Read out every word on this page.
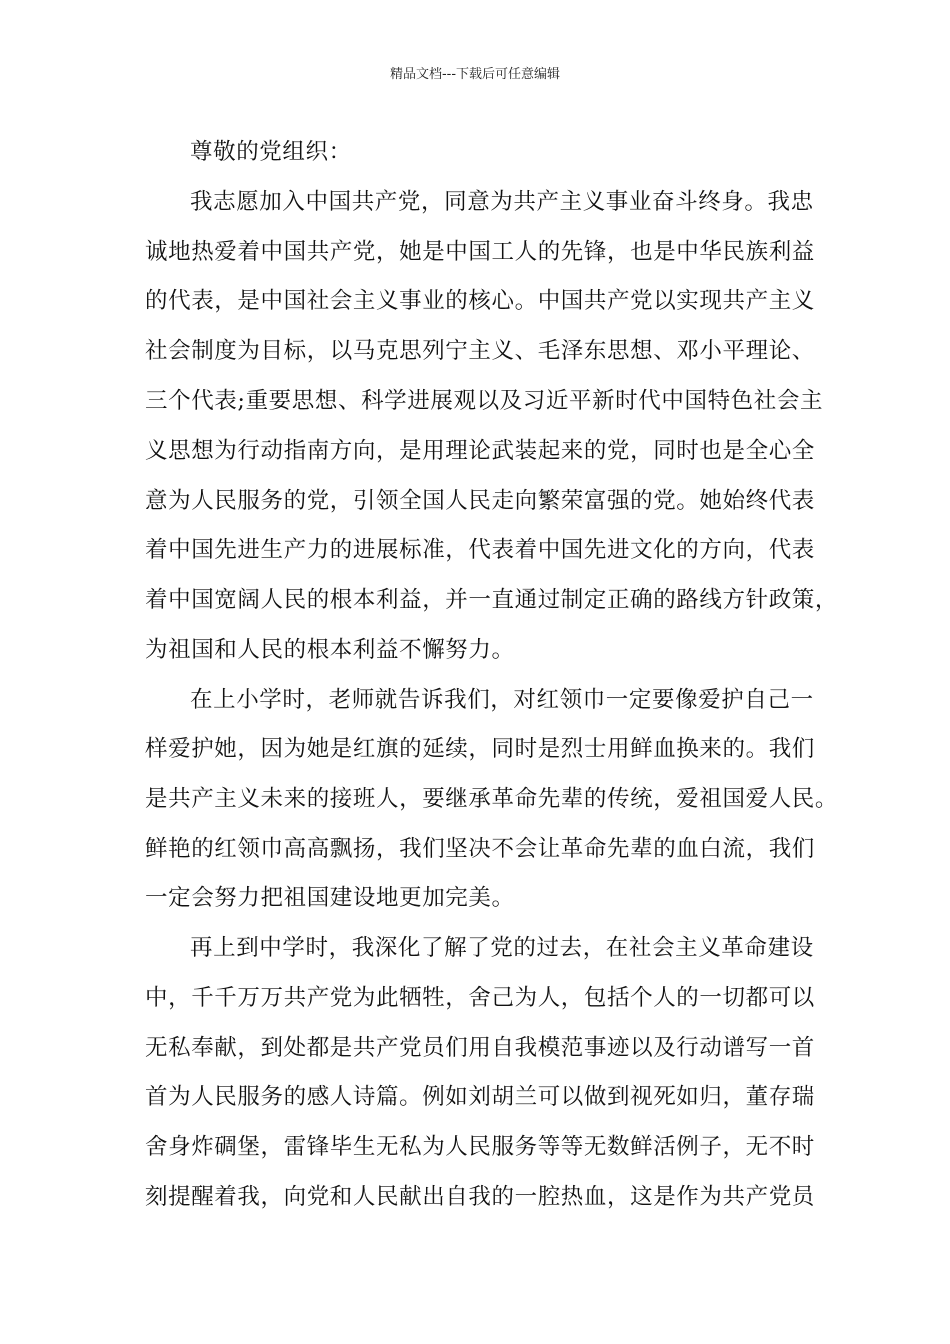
精品文档---下载后可任意编辑
尊敬的党组织：
我志愿加入中国共产党，同意为共产主义事业奋斗终身。我忠
诚地热爱着中国共产党，她是中国工人的先锋，也是中华民族利益
的代表，是中国社会主义事业的核心。中国共产党以实现共产主义
社会制度为目标，以马克思列宁主义、毛泽东思想、邓小平理论、
三个代表;重要思想、科学进展观以及习近平新时代中国特色社会主
义思想为行动指南方向，是用理论武装起来的党，同时也是全心全
意为人民服务的党，引领全国人民走向繁荣富强的党。她始终代表
着中国先进生产力的进展标准，代表着中国先进文化的方向，代表
着中国宽阔人民的根本利益，并一直通过制定正确的路线方针政策，
为祖国和人民的根本利益不懈努力。
在上小学时，老师就告诉我们，对红领巾一定要像爱护自己一
样爱护她，因为她是红旗的延续，同时是烈士用鲜血换来的。我们
是共产主义未来的接班人，要继承革命先辈的传统，爱祖国爱人民。
鲜艳的红领巾高高飘扬，我们坚决不会让革命先辈的血白流，我们
一定会努力把祖国建设地更加完美。
再上到中学时，我深化了解了党的过去，在社会主义革命建设
中，千千万万共产党为此牺牲，舍己为人，包括个人的一切都可以
无私奉献，到处都是共产党员们用自我模范事迹以及行动谱写一首
首为人民服务的感人诗篇。例如刘胡兰可以做到视死如归，董存瑞
舍身炸碉堡，雷锋毕生无私为人民服务等等无数鲜活例子，无不时
刻提醒着我，向党和人民献出自我的一腔热血，这是作为共产党员
